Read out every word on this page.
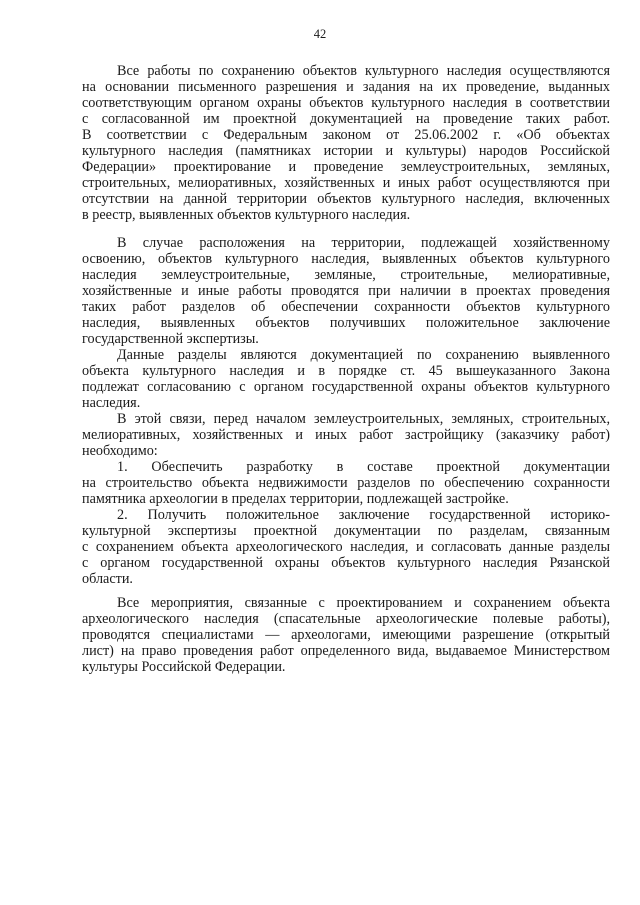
42
Все работы по сохранению объектов культурного наследия осуществляются
на основании письменного разрешения и задания на их проведение, выданных
соответствующим органом охраны объектов культурного наследия в соответствии
с согласованной им проектной документацией на проведение таких работ.
В соответствии с Федеральным законом от 25.06.2002 г. «Об объектах
культурного наследия (памятниках истории и культуры) народов Российской
Федерации» проектирование и проведение землеустроительных, земляных,
строительных, мелиоративных, хозяйственных и иных работ осуществляются при
отсутствии на данной территории объектов культурного наследия, включенных
в реестр, выявленных объектов культурного наследия.
В случае расположения на территории, подлежащей хозяйственному
освоению, объектов культурного наследия, выявленных объектов культурного
наследия землеустроительные, земляные, строительные, мелиоративные,
хозяйственные и иные работы проводятся при наличии в проектах проведения
таких работ разделов об обеспечении сохранности объектов культурного
наследия, выявленных объектов получивших положительное заключение
государственной экспертизы.
Данные разделы являются документацией по сохранению выявленного
объекта культурного наследия и в порядке ст. 45 вышеуказанного Закона
подлежат согласованию с органом государственной охраны объектов культурного
наследия.
В этой связи, перед началом землеустроительных, земляных, строительных,
мелиоративных, хозяйственных и иных работ застройщику (заказчику работ)
необходимо:
1. Обеспечить разработку в составе проектной документации
на строительство объекта недвижимости разделов по обеспечению сохранности
памятника археологии в пределах территории, подлежащей застройке.
2. Получить положительное заключение государственной историко-
культурной экспертизы проектной документации по разделам, связанным
с сохранением объекта археологического наследия, и согласовать данные разделы
с органом государственной охраны объектов культурного наследия Рязанской
области.
Все мероприятия, связанные с проектированием и сохранением объекта
археологического наследия (спасательные археологические полевые работы),
проводятся специалистами — археологами, имеющими разрешение (открытый
лист) на право проведения работ определенного вида, выдаваемое Министерством
культуры Российской Федерации.
